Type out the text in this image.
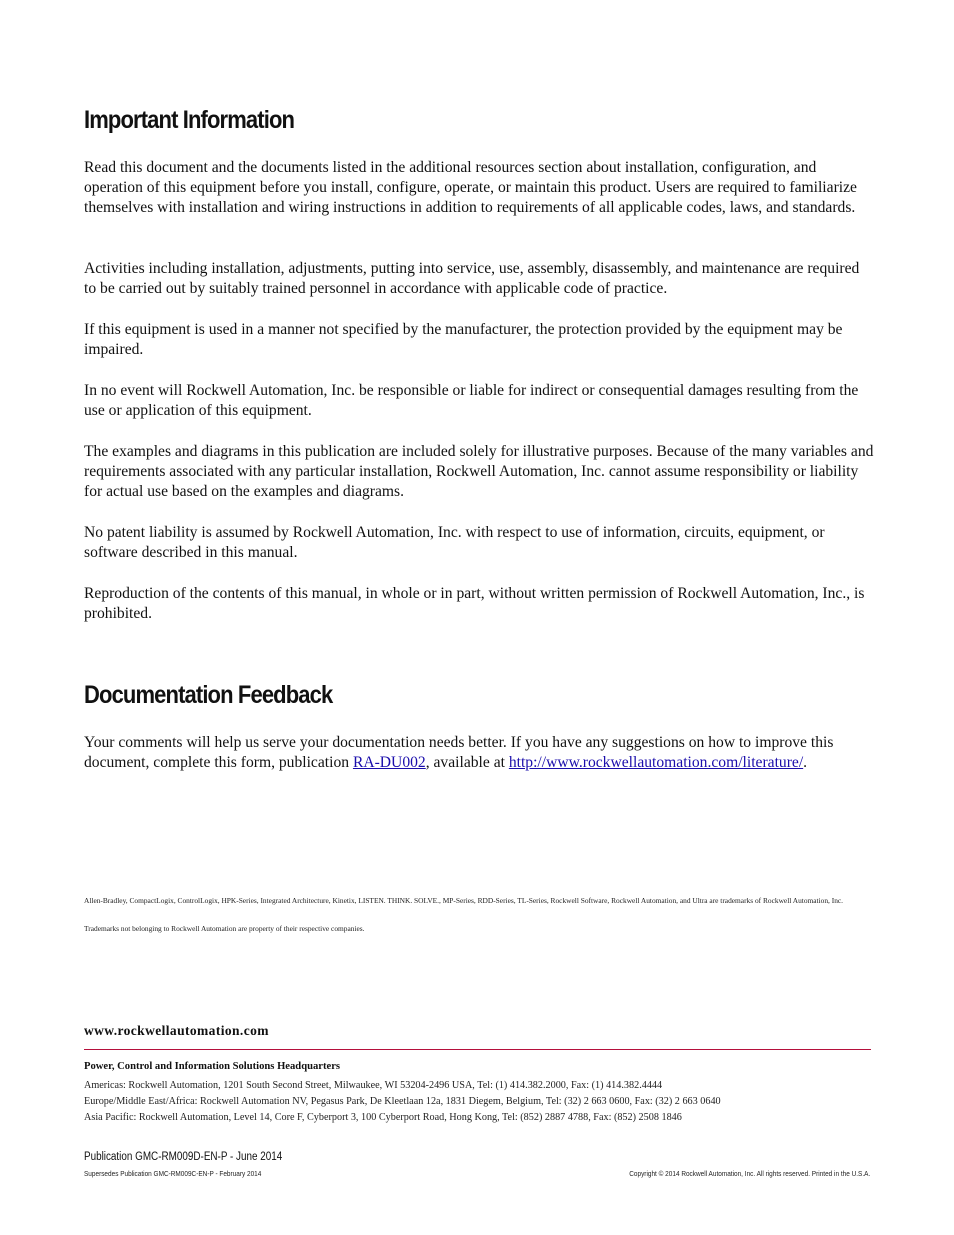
Important Information

Read this document and the documents listed in the additional resources section about installation, configuration, and operation of this equipment before you install, configure, operate, or maintain this product. Users are required to familiarize themselves with installation and wiring instructions in addition to requirements of all applicable codes, laws, and standards.

Activities including installation, adjustments, putting into service, use, assembly, disassembly, and maintenance are required to be carried out by suitably trained personnel in accordance with applicable code of practice.

If this equipment is used in a manner not specified by the manufacturer, the protection provided by the equipment may be impaired.

In no event will Rockwell Automation, Inc. be responsible or liable for indirect or consequential damages resulting from the use or application of this equipment.

The examples and diagrams in this publication are included solely for illustrative purposes. Because of the many variables and requirements associated with any particular installation, Rockwell Automation, Inc. cannot assume responsibility or liability for actual use based on the examples and diagrams.

No patent liability is assumed by Rockwell Automation, Inc. with respect to use of information, circuits, equipment, or software described in this manual.

Reproduction of the contents of this manual, in whole or in part, without written permission of Rockwell Automation, Inc., is prohibited.

Documentation Feedback

Your comments will help us serve your documentation needs better. If you have any suggestions on how to improve this document, complete this form, publication RA-DU002, available at http://www.rockwellautomation.com/literature/.

Allen-Bradley, CompactLogix, ControlLogix, HPK-Series, Integrated Architecture, Kinetix, LISTEN. THINK. SOLVE., MP-Series, RDD-Series, TL-Series, Rockwell Software, Rockwell Automation, and Ultra are trademarks of Rockwell Automation, Inc.
Trademarks not belonging to Rockwell Automation are property of their respective companies.
www.rockwellautomation.com
Power, Control and Information Solutions Headquarters
Americas: Rockwell Automation, 1201 South Second Street, Milwaukee, WI 53204-2496 USA, Tel: (1) 414.382.2000, Fax: (1) 414.382.4444
Europe/Middle East/Africa: Rockwell Automation NV, Pegasus Park, De Kleetlaan 12a, 1831 Diegem, Belgium, Tel: (32) 2 663 0600, Fax: (32) 2 663 0640
Asia Pacific: Rockwell Automation, Level 14, Core F, Cyberport 3, 100 Cyberport Road, Hong Kong, Tel: (852) 2887 4788, Fax: (852) 2508 1846
Publication GMC-RM009D-EN-P - June 2014
Supersedes Publication GMC-RM009C-EN-P - February 2014	Copyright © 2014 Rockwell Automation, Inc. All rights reserved. Printed in the U.S.A.
